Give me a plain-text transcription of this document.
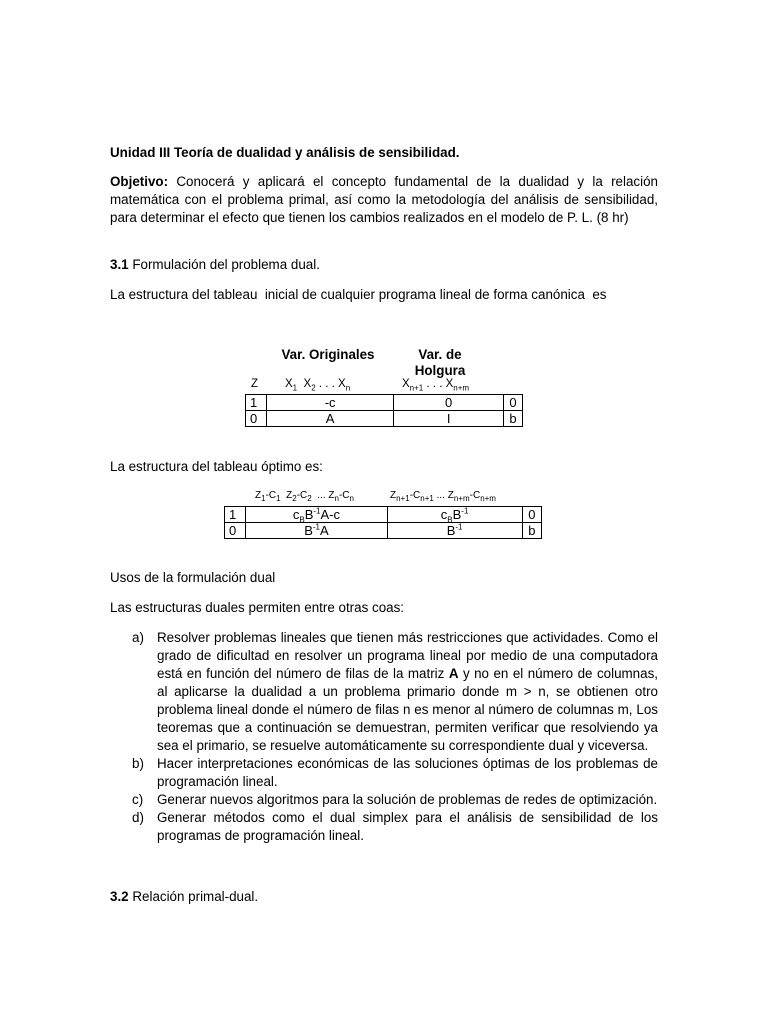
Unidad III Teoría de dualidad y análisis de sensibilidad.

Objetivo: Conocerá y aplicará el concepto fundamental de la dualidad y la relación matemática con el problema primal, así como la metodología del análisis de sensibilidad, para determinar el efecto que tienen los cambios realizados en el modelo de P. L. (8 hr)

3.1 Formulación del problema dual.
La estructura del tableau  inicial de cualquier programa lineal de forma canónica  es
Var. Originales	Var. de
Holgura
Z $X_1$  $X_2$ . . . $X_n$	$X_{n+1}$ . . . $X_{n+m}$
1	-c	0	0
0	A	I	b
La estructura del tableau óptimo es:
$Z_1-C_1$  $Z_2-C_2$  ... $Z_n-C_n$	$Z_{n+1}-C_{n+1}$ ... $Z_{n+m}-C_{n+m}$
1	$c_BB^{-1}A-c$	$c_BB^{-1}$	0
0	$B^{-1}A$	$B^{-1}$	b
Usos de la formulación dual
Las estructuras duales permiten entre otras coas:
a) Resolver problemas lineales que tienen más restricciones que actividades. Como el grado de dificultad en resolver un programa lineal por medio de una computadora está en función del número de filas de la matriz A y no en el número de columnas, al aplicarse la dualidad a un problema primario donde m > n, se obtienen otro problema lineal donde el número de filas n es menor al número de columnas m, Los teoremas que a continuación se demuestran, permiten verificar que resolviendo ya sea el primario, se resuelve automáticamente su correspondiente dual y viceversa.
b) Hacer interpretaciones económicas de las soluciones óptimas de los problemas de programación lineal.
c) Generar nuevos algoritmos para la solución de problemas de redes de optimización.
d) Generar métodos como el dual simplex para el análisis de sensibilidad de los programas de programación lineal.
3.2 Relación primal-dual.
